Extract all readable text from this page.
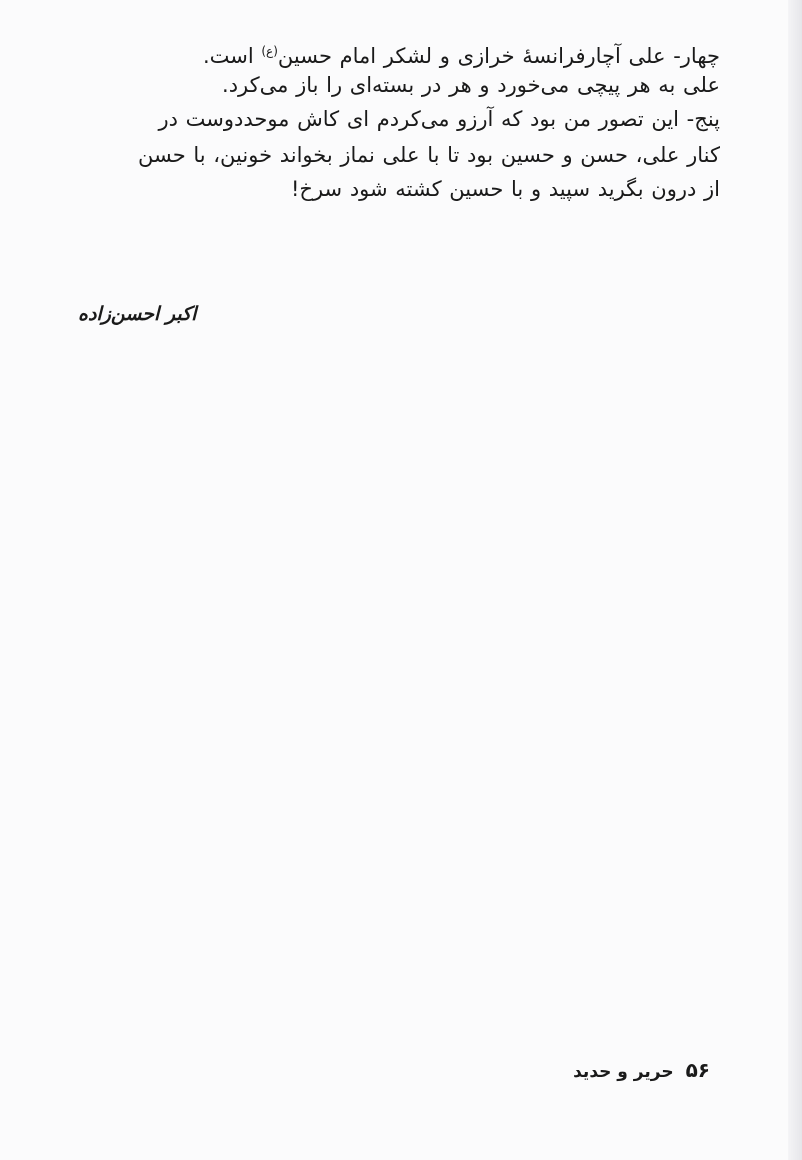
چهار- علی آچارفرانسهٔ خرازی و لشکر امام حسین$^{(ع)}$ است.
علی به هر پیچی می‌خورد و هر در بسته‌ای را باز می‌کرد.
پنج- این تصور من بود که آرزو می‌کردم ای کاش موحددوست در
کنار علی، حسن و حسین بود تا با علی نماز بخواند خونین، با حسن
از درون بگرید سپید و با حسین کشته شود سرخ!
اکبر احسن‌زاده
۵۶حریر و حدید
